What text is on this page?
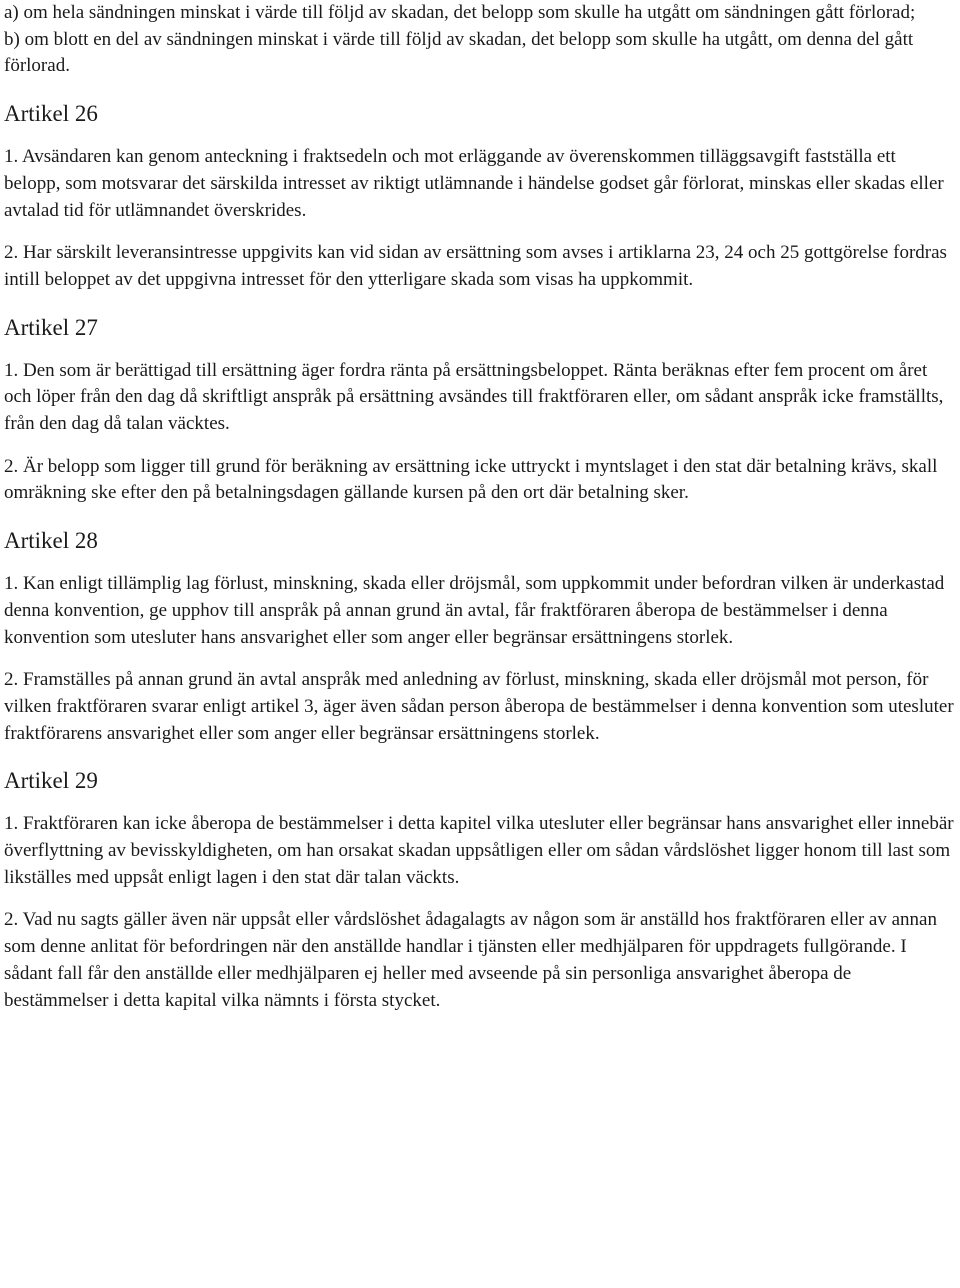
a) om hela sändningen minskat i värde till följd av skadan, det belopp som skulle ha utgått om sändningen gått förlorad;

b) om blott en del av sändningen minskat i värde till följd av skadan, det belopp som skulle ha utgått, om denna del gått förlorad.

Artikel 26

1. Avsändaren kan genom anteckning i fraktsedeln och mot erläggande av överenskommen tilläggsavgift fastställa ett belopp, som motsvarar det särskilda intresset av riktigt utlämnande i händelse godset går förlorat, minskas eller skadas eller avtalad tid för utlämnandet överskrides.

2. Har särskilt leveransintresse uppgivits kan vid sidan av ersättning som avses i artiklarna 23, 24 och 25 gottgörelse fordras intill beloppet av det uppgivna intresset för den ytterligare skada som visas ha uppkommit.

Artikel 27

1. Den som är berättigad till ersättning äger fordra ränta på ersättningsbeloppet. Ränta beräknas efter fem procent om året och löper från den dag då skriftligt anspråk på ersättning avsändes till fraktföraren eller, om sådant anspråk icke framställts, från den dag då talan väcktes.

2. Är belopp som ligger till grund för beräkning av ersättning icke uttryckt i myntslaget i den stat där betalning krävs, skall omräkning ske efter den på betalningsdagen gällande kursen på den ort där betalning sker.

Artikel 28

1. Kan enligt tillämplig lag förlust, minskning, skada eller dröjsmål, som uppkommit under befordran vilken är underkastad denna konvention, ge upphov till anspråk på annan grund än avtal, får fraktföraren åberopa de bestämmelser i denna konvention som utesluter hans ansvarighet eller som anger eller begränsar ersättningens storlek.

2. Framställes på annan grund än avtal anspråk med anledning av förlust, minskning, skada eller dröjsmål mot person, för vilken fraktföraren svarar enligt artikel 3, äger även sådan person åberopa de bestämmelser i denna konvention som utesluter fraktförarens ansvarighet eller som anger eller begränsar ersättningens storlek.

Artikel 29

1. Fraktföraren kan icke åberopa de bestämmelser i detta kapitel vilka utesluter eller begränsar hans ansvarighet eller innebär överflyttning av bevisskyldigheten, om han orsakat skadan uppsåtligen eller om sådan vårdslöshet ligger honom till last som likställes med uppsåt enligt lagen i den stat där talan väckts.

2. Vad nu sagts gäller även när uppsåt eller vårdslöshet ådagalagts av någon som är anställd hos fraktföraren eller av annan som denne anlitat för befordringen när den anställde handlar i tjänsten eller medhjälparen för uppdragets fullgörande. I sådant fall får den anställde eller medhjälparen ej heller med avseende på sin personliga ansvarighet åberopa de bestämmelser i detta kapital vilka nämnts i första stycket.
